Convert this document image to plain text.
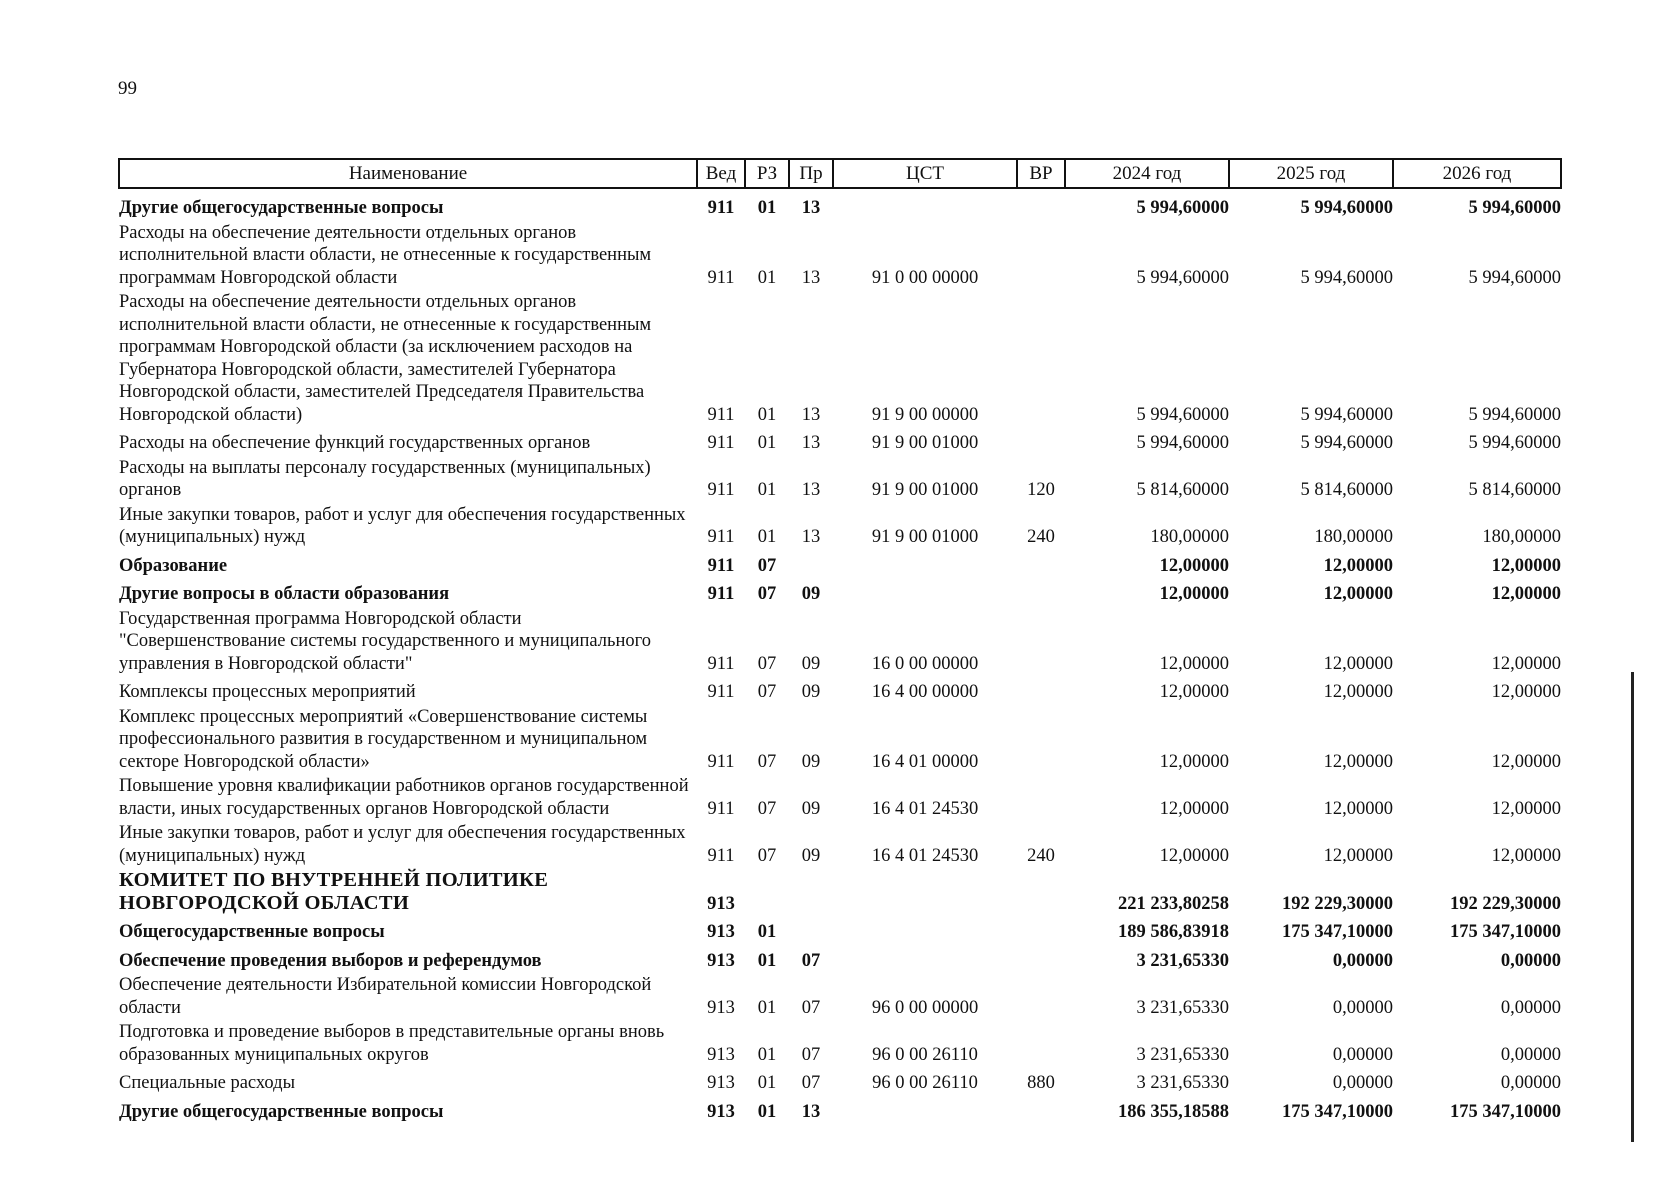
99
Наименование	Вед	РЗ	Пр	ЦСТ	ВР	2024 год	2025 год	2026 год
Другие общегосударственные вопросы	911	01	13			5 994,60000	5 994,60000	5 994,60000
Расходы на обеспечение деятельности отдельных органов исполнительной власти области, не отнесенные к государственным программам Новгородской области	911	01	13	91 0 00 00000		5 994,60000	5 994,60000	5 994,60000
Расходы на обеспечение деятельности отдельных органов исполнительной власти области, не отнесенные к государственным программам Новгородской области (за исключением расходов на Губернатора Новгородской области, заместителей Губернатора Новгородской области, заместителей Председателя Правительства Новгородской области)	911	01	13	91 9 00 00000		5 994,60000	5 994,60000	5 994,60000
Расходы на обеспечение функций государственных органов	911	01	13	91 9 00 01000		5 994,60000	5 994,60000	5 994,60000
Расходы на выплаты персоналу государственных (муниципальных) органов	911	01	13	91 9 00 01000	120	5 814,60000	5 814,60000	5 814,60000
Иные закупки товаров, работ и услуг для обеспечения государственных (муниципальных) нужд	911	01	13	91 9 00 01000	240	180,00000	180,00000	180,00000
Образование	911	07				12,00000	12,00000	12,00000
Другие вопросы в области образования	911	07	09			12,00000	12,00000	12,00000
Государственная программа Новгородской области "Совершенствование системы государственного и муниципального управления в Новгородской области"	911	07	09	16 0 00 00000		12,00000	12,00000	12,00000
Комплексы процессных мероприятий	911	07	09	16 4 00 00000		12,00000	12,00000	12,00000
Комплекс процессных мероприятий «Совершенствование системы профессионального развития в государственном и муниципальном секторе Новгородской области»	911	07	09	16 4 01 00000		12,00000	12,00000	12,00000
Повышение уровня квалификации работников органов государственной власти, иных государственных органов Новгородской области	911	07	09	16 4 01 24530		12,00000	12,00000	12,00000
Иные закупки товаров, работ и услуг для обеспечения государственных (муниципальных) нужд	911	07	09	16 4 01 24530	240	12,00000	12,00000	12,00000
КОМИТЕТ ПО ВНУТРЕННЕЙ ПОЛИТИКЕ НОВГОРОДСКОЙ ОБЛАСТИ	913					221 233,80258	192 229,30000	192 229,30000
Общегосударственные вопросы	913	01				189 586,83918	175 347,10000	175 347,10000
Обеспечение проведения выборов и референдумов	913	01	07			3 231,65330	0,00000	0,00000
Обеспечение деятельности Избирательной комиссии Новгородской области	913	01	07	96 0 00 00000		3 231,65330	0,00000	0,00000
Подготовка и проведение выборов в представительные органы вновь образованных муниципальных округов	913	01	07	96 0 00 26110		3 231,65330	0,00000	0,00000
Специальные расходы	913	01	07	96 0 00 26110	880	3 231,65330	0,00000	0,00000
Другие общегосударственные вопросы	913	01	13			186 355,18588	175 347,10000	175 347,10000
